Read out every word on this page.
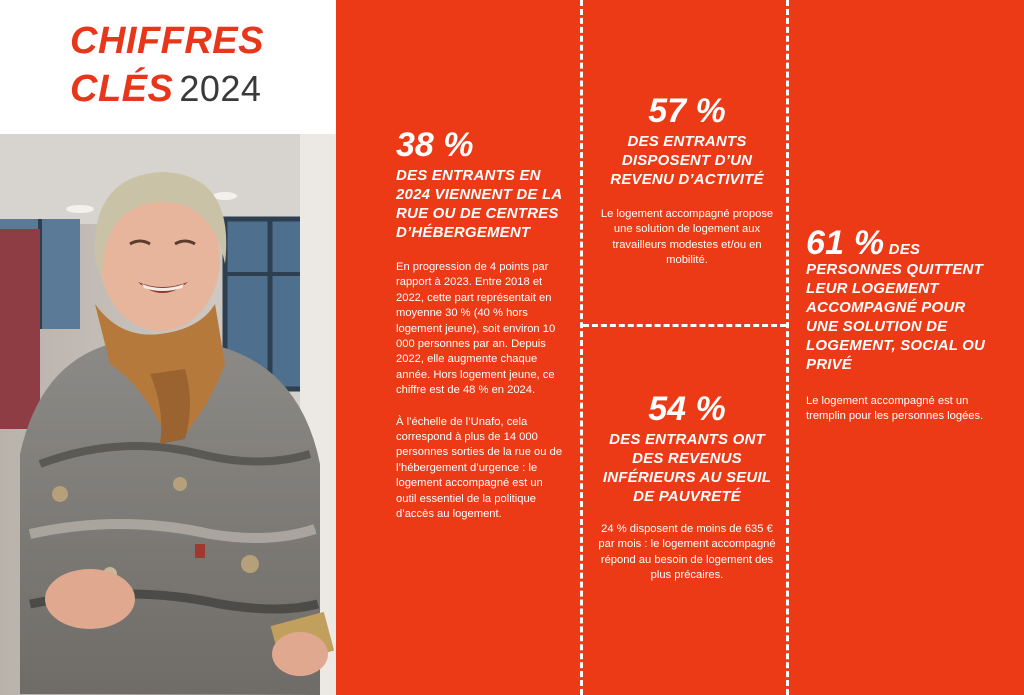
CHIFFRES
CLÉS 2024
38 %
DES ENTRANTS EN 2024 VIENNENT DE LA RUE OU DE CENTRES D’HÉBERGEMENT
En progression de 4 points par rapport à 2023. Entre 2018 et 2022, cette part représentait en moyenne 30 % (40 % hors logement jeune), soit environ 10 000 personnes par an. Depuis 2022, elle augmente chaque année. Hors logement jeune, ce chiffre est de 48 % en 2024.
À l’échelle de l’Unafo, cela correspond à plus de 14 000 personnes sorties de la rue ou de l’hébergement d’urgence : le logement accompagné est un outil essentiel de la politique d’accès au logement.
57 %
DES ENTRANTS DISPOSENT D’UN REVENU D’ACTIVITÉ
Le logement accompagné propose une solution de logement aux travailleurs modestes et/ou en mobilité.
54 %
DES ENTRANTS ONT DES REVENUS INFÉRIEURS AU SEUIL DE PAUVRETÉ
24 % disposent de moins de 635 € par mois : le logement accompagné répond au besoin de logement des plus précaires.
61 % DES PERSONNES QUITTENT LEUR LOGEMENT ACCOMPAGNÉ POUR UNE SOLUTION DE LOGEMENT, SOCIAL OU PRIVÉ
Le logement accompagné est un tremplin pour les personnes logées.
